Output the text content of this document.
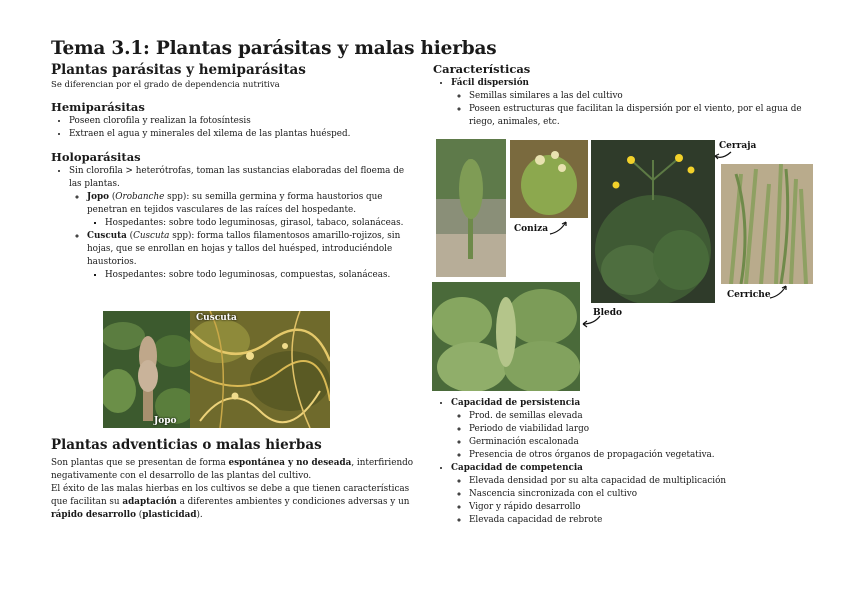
Tema 3.1: Plantas parásitas y malas hierbas
Plantas parásitas y hemiparásitas

Se diferencian por el grado de dependencia nutritiva

Hemiparásitas
• Poseen clorofila y realizan la fotosíntesis
• Extraen el agua y minerales del xilema de las plantas huésped.
Holoparásitas
• Sin clorofila > heterótrofas, toman las sustancias elaboradas del floema de las plantas.
◦ Jopo (Orobanche spp): su semilla germina y forma haustorios que penetran en tejidos vasculares de las raíces del hospedante.
▪ Hospedantes: sobre todo leguminosas, girasol, tabaco, solanáceas.
◦ Cuscuta (Cuscuta spp): forma tallos filamentosos amarillo-rojizos, sin hojas, que se enrollan en hojas y tallos del huésped, introduciéndole haustorios.
▪ Hospedantes: sobre todo leguminosas, compuestas, solanáceas.
Jopo
Cuscuta
Plantas adventicias o malas hierbas

Son plantas que se presentan de forma espontánea y no deseada, interfiriendo negativamente con el desarrollo de las plantas del cultivo.

El éxito de las malas hierbas en los cultivos se debe a que tienen características que facilitan su adaptación a diferentes ambientes y condiciones adversas y un rápido desarrollo (plasticidad).

Características
• Fácil dispersión
◦ Semillas similares a las del cultivo
◦ Poseen estructuras que facilitan la dispersión por el viento, por el agua de riego, animales, etc.
Cerraja
Coniza
Cerriche
Bledo
• Capacidad de persistencia
◦ Prod. de semillas elevada
◦ Periodo de viabilidad largo
◦ Germinación escalonada
◦ Presencia de otros órganos de propagación vegetativa.
• Capacidad de competencia
◦ Elevada densidad por su alta capacidad de multiplicación
◦ Nascencia sincronizada con el cultivo
◦ Vigor y rápido desarrollo
◦ Elevada capacidad de rebrote
